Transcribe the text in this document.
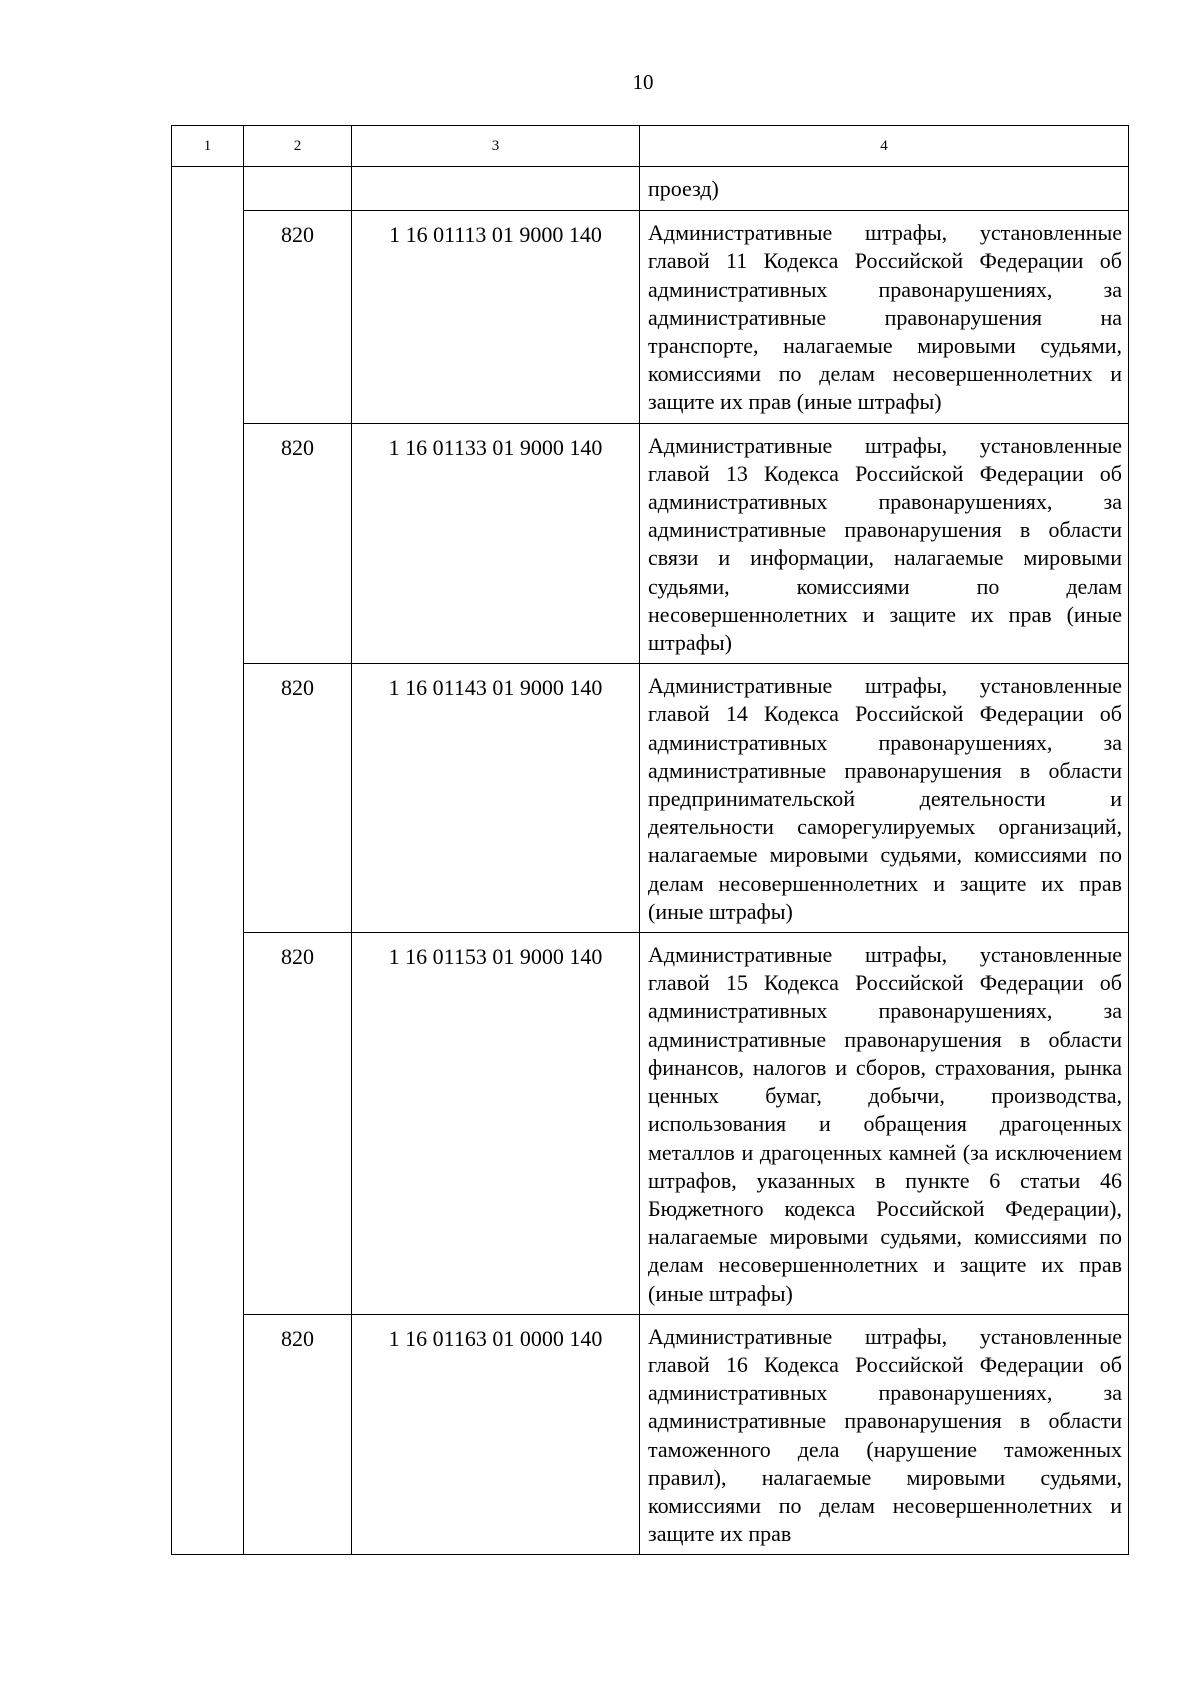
10
1	2	3	4
			проезд)
	820	1 16 01113 01 9000 140	Административные штрафы, установленные главой 11 Кодекса Российской Федерации об административных правонарушениях, за административные правонарушения на транспорте, налагаемые мировыми судьями, комиссиями по делам несовершеннолетних и защите их прав (иные штрафы)
	820	1 16 01133 01 9000 140	Административные штрафы, установленные главой 13 Кодекса Российской Федерации об административных правонарушениях, за административные правонарушения в области связи и информации, налагаемые мировыми судьями, комиссиями по делам несовершеннолетних и защите их прав (иные штрафы)
	820	1 16 01143 01 9000 140	Административные штрафы, установленные главой 14 Кодекса Российской Федерации об административных правонарушениях, за административные правонарушения в области предпринимательской деятельности и деятельности саморегулируемых организаций, налагаемые мировыми судьями, комиссиями по делам несовершеннолетних и защите их прав (иные штрафы)
	820	1 16 01153 01 9000 140	Административные штрафы, установленные главой 15 Кодекса Российской Федерации об административных правонарушениях, за административные правонарушения в области финансов, налогов и сборов, страхования, рынка ценных бумаг, добычи, производства, использования и обращения драгоценных металлов и драгоценных камней (за исключением штрафов, указанных в пункте 6 статьи 46 Бюджетного кодекса Российской Федерации), налагаемые мировыми судьями, комиссиями по делам несовершеннолетних и защите их прав (иные штрафы)
	820	1 16 01163 01 0000 140	Административные штрафы, установленные главой 16 Кодекса Российской Федерации об административных правонарушениях, за административные правонарушения в области таможенного дела (нарушение таможенных правил), налагаемые мировыми судьями, комиссиями по делам несовершеннолетних и защите их прав
